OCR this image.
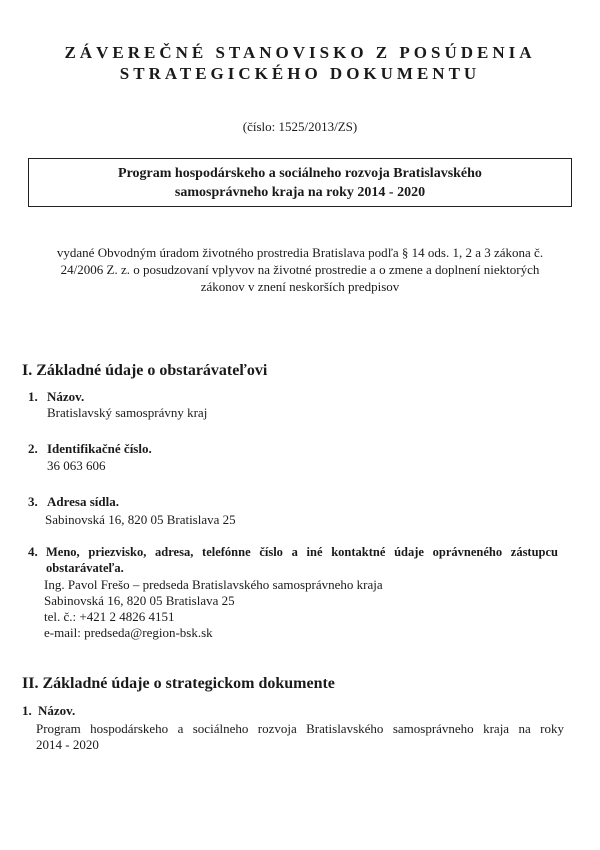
ZÁVEREČNÉ STANOVISKO Z POSÚDENIA
STRATEGICKÉHO DOKUMENTU
(číslo: 1525/2013/ZS)
Program hospodárskeho a sociálneho rozvoja Bratislavského
samosprávneho kraja na roky 2014 - 2020
vydané Obvodným úradom životného prostredia Bratislava podľa § 14 ods. 1, 2 a 3 zákona č.
24/2006 Z. z. o posudzovaní vplyvov na životné prostredie a o zmene a doplnení niektorých
zákonov v znení neskorších predpisov
I. Základné údaje o obstarávateľovi
1. Názov.
Bratislavský samosprávny kraj
2. Identifikačné číslo.
36 063 606
3. Adresa sídla.
Sabinovská 16, 820 05 Bratislava 25
4. Meno, priezvisko, adresa, telefónne číslo a iné kontaktné údaje oprávneného zástupcu
obstarávateľa.
Ing. Pavol Frešo – predseda Bratislavského samosprávneho kraja
Sabinovská 16, 820 05 Bratislava 25
tel. č.: +421 2 4826 4151
e-mail: predseda@region-bsk.sk
II. Základné údaje o strategickom dokumente
1. Názov.
Program hospodárskeho a sociálneho rozvoja Bratislavského samosprávneho kraja na roky
2014 - 2020
